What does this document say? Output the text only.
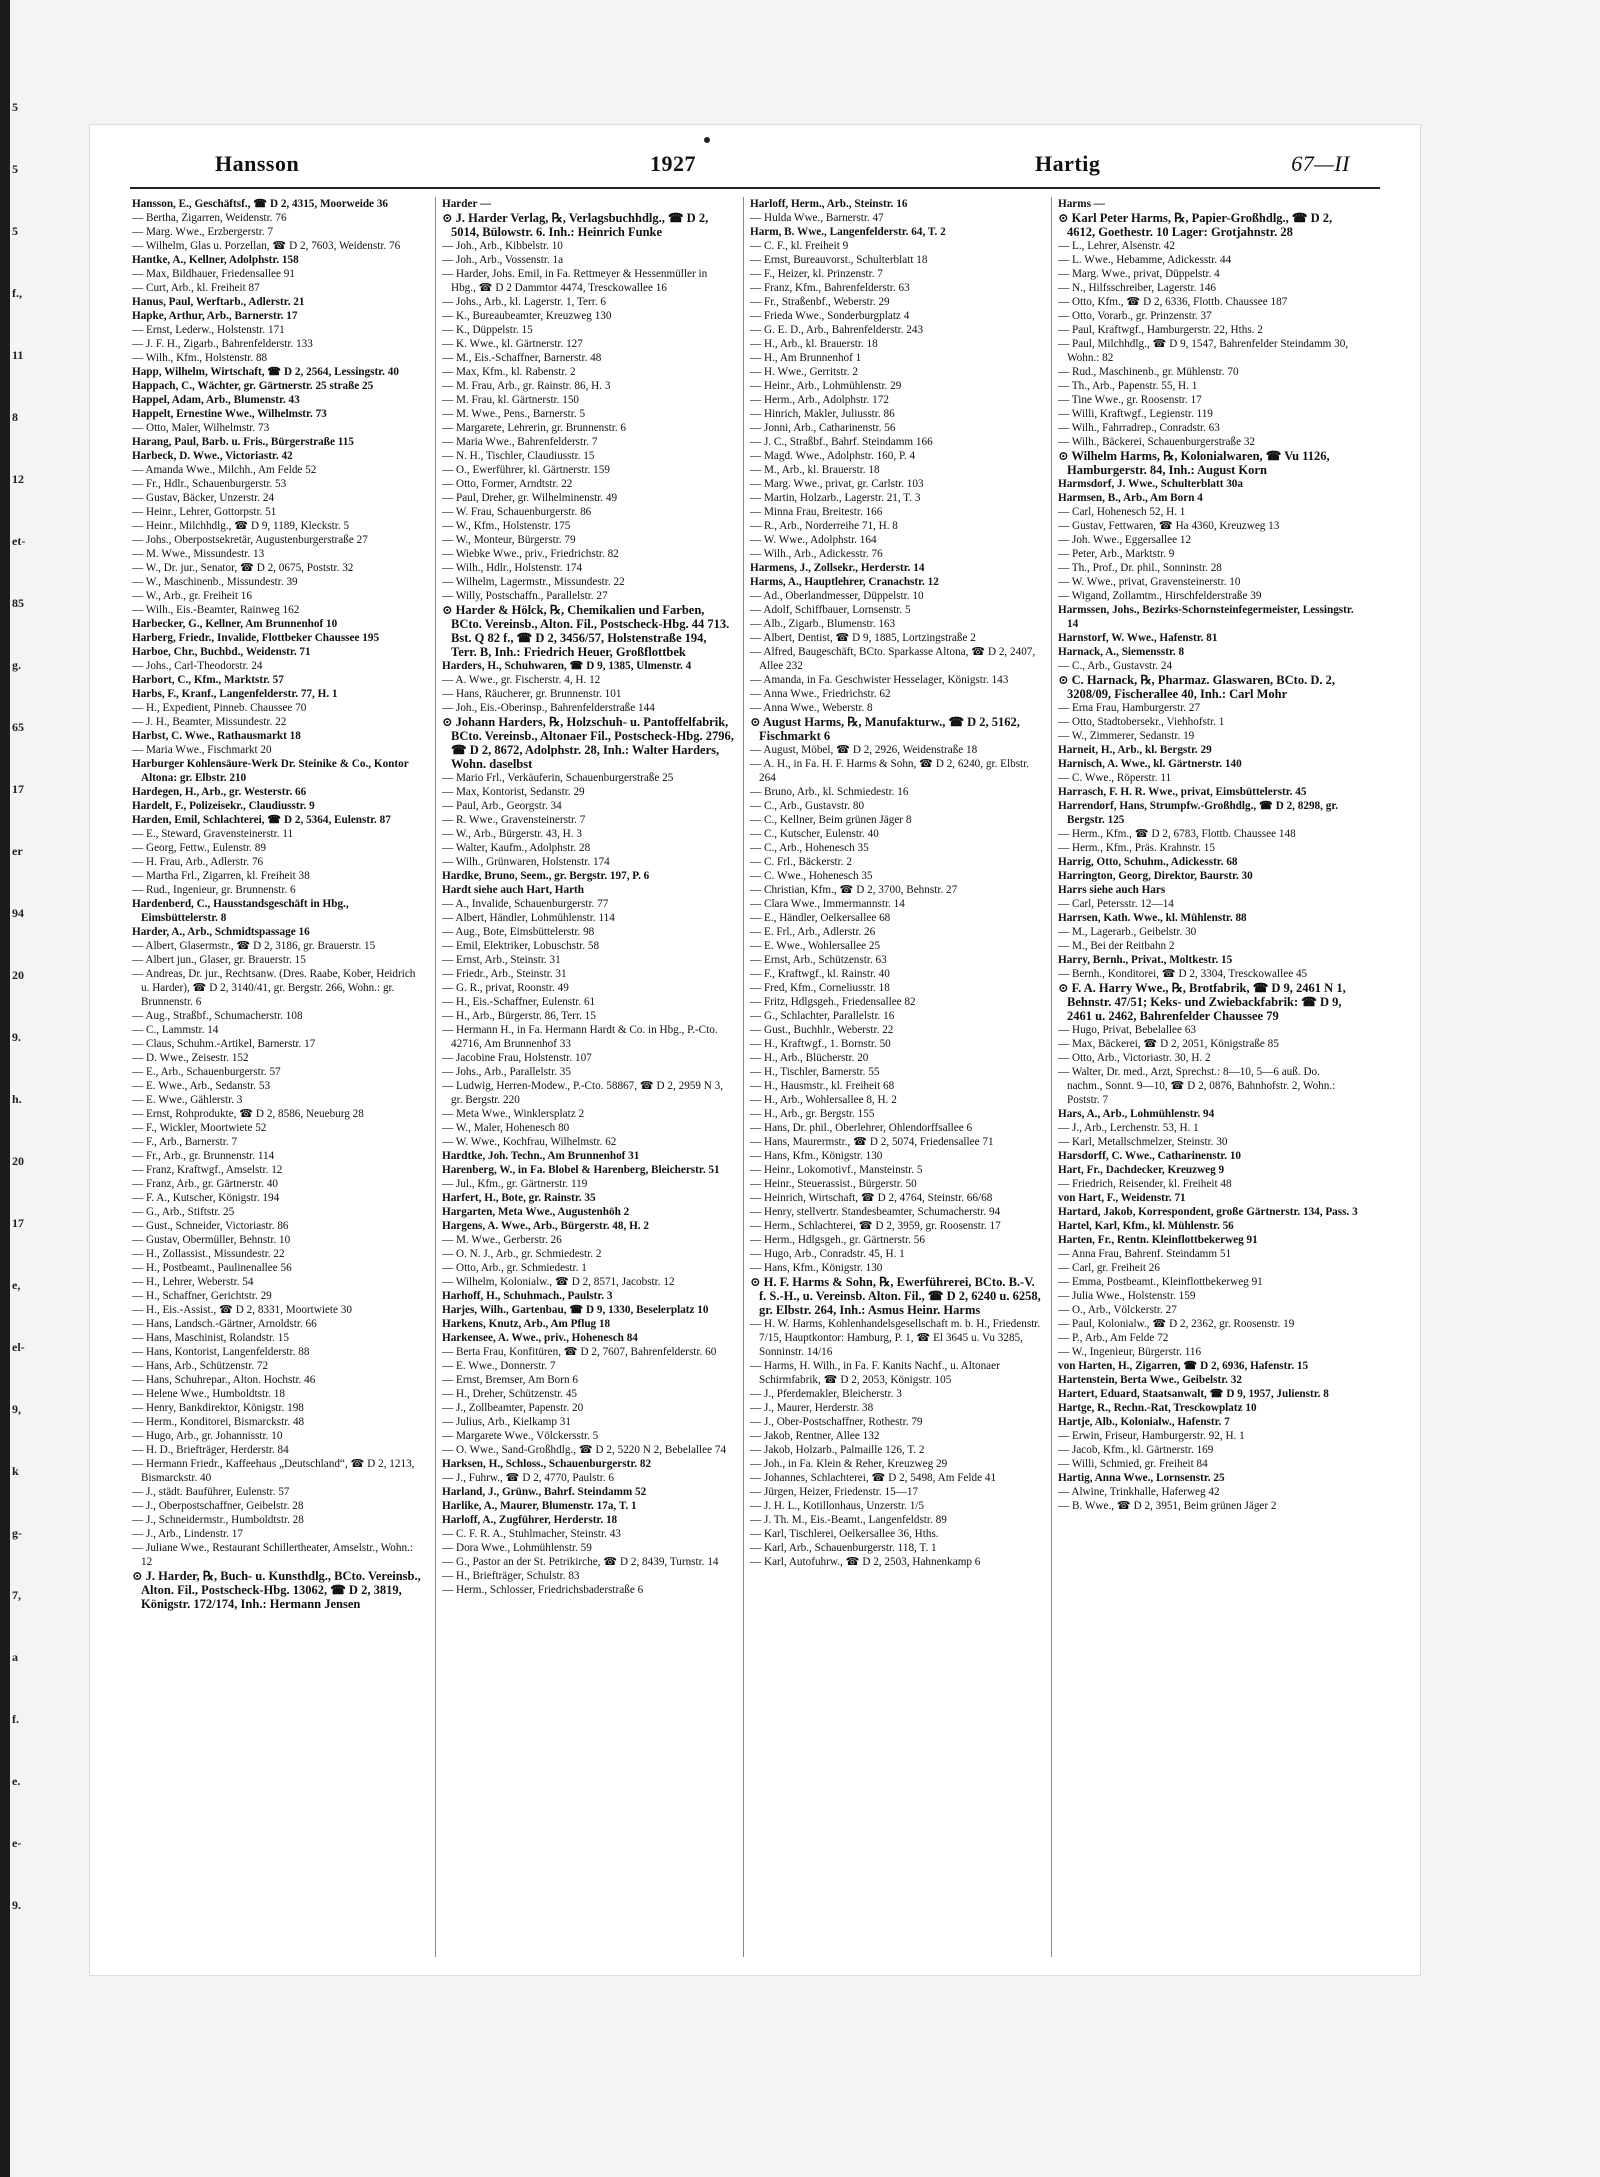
5
5
5
f.,
11
8
12
et-
85
g.
65
17
er
94
20
9.
h.
20
17
e,
el-
9,
k
g-
7,
a
f.
e.
e-
9.
Hansson	1927	Hartig	67—II

Hansson, E., Geschäftsf., ☎ D 2, 4315, Moorweide 36

— Bertha, Zigarren, Weidenstr. 76

— Marg. Wwe., Erzbergerstr. 7

— Wilhelm, Glas u. Porzellan, ☎ D 2, 7603, Weidenstr. 76

Hantke, A., Kellner, Adolphstr. 158

— Max, Bildhauer, Friedensallee 91

— Curt, Arb., kl. Freiheit 87

Hanus, Paul, Werftarb., Adlerstr. 21

Hapke, Arthur, Arb., Barnerstr. 17

— Ernst, Lederw., Holstenstr. 171

— J. F. H., Zigarb., Bahrenfelderstr. 133

— Wilh., Kfm., Holstenstr. 88

Happ, Wilhelm, Wirtschaft, ☎ D 2, 2564, Lessingstr. 40

Happach, C., Wächter, gr. Gärtnerstr. 25 straße 25

Happel, Adam, Arb., Blumenstr. 43

Happelt, Ernestine Wwe., Wilhelmstr. 73

— Otto, Maler, Wilhelmstr. 73

Harang, Paul, Barb. u. Fris., Bürgerstraße 115

Harbeck, D. Wwe., Victoriastr. 42

— Amanda Wwe., Milchh., Am Felde 52

— Fr., Hdlr., Schauenburgerstr. 53

— Gustav, Bäcker, Unzerstr. 24

— Heinr., Lehrer, Gottorpstr. 51

— Heinr., Milchhdlg., ☎ D 9, 1189, Kleckstr. 5

— Johs., Oberpostsekretär, Augustenburgerstraße 27

— M. Wwe., Missundestr. 13

— W., Dr. jur., Senator, ☎ D 2, 0675, Poststr. 32

— W., Maschinenb., Missundestr. 39

— W., Arb., gr. Freiheit 16

— Wilh., Eis.-Beamter, Rainweg 162

Harbecker, G., Kellner, Am Brunnenhof 10

Harberg, Friedr., Invalide, Flottbeker Chaussee 195

Harboe, Chr., Buchbd., Weidenstr. 71

— Johs., Carl-Theodorstr. 24

Harbort, C., Kfm., Marktstr. 57

Harbs, F., Kranf., Langenfelderstr. 77, H. 1

— H., Expedient, Pinneb. Chaussee 70

— J. H., Beamter, Missundestr. 22

Harbst, C. Wwe., Rathausmarkt 18

— Maria Wwe., Fischmarkt 20

Harburger Kohlensäure-Werk Dr. Steinike & Co., Kontor Altona: gr. Elbstr. 210

Hardegen, H., Arb., gr. Westerstr. 66

Hardelt, F., Polizeisekr., Claudiusstr. 9

Harden, Emil, Schlachterei, ☎ D 2, 5364, Eulenstr. 87

— E., Steward, Gravensteinerstr. 11

— Georg, Fettw., Eulenstr. 89

— H. Frau, Arb., Adlerstr. 76

— Martha Frl., Zigarren, kl. Freiheit 38

— Rud., Ingenieur, gr. Brunnenstr. 6

Hardenberd, C., Hausstandsgeschäft in Hbg., Eimsbüttelerstr. 8

Harder, A., Arb., Schmidtspassage 16

— Albert, Glasermstr., ☎ D 2, 3186, gr. Brauerstr. 15

— Albert jun., Glaser, gr. Brauerstr. 15

— Andreas, Dr. jur., Rechtsanw. (Dres. Raabe, Kober, Heidrich u. Harder), ☎ D 2, 3140/41, gr. Bergstr. 266, Wohn.: gr. Brunnenstr. 6

— Aug., Straßbf., Schumacherstr. 108

— C., Lammstr. 14

— Claus, Schuhm.-Artikel, Barnerstr. 17

— D. Wwe., Zeisestr. 152

— E., Arb., Schauenburgerstr. 57

— E. Wwe., Arb., Sedanstr. 53

— E. Wwe., Gählerstr. 3

— Ernst, Rohprodukte, ☎ D 2, 8586, Neueburg 28

— F., Wickler, Moortwiete 52

— F., Arb., Barnerstr. 7

— Fr., Arb., gr. Brunnenstr. 114

— Franz, Kraftwgf., Amselstr. 12

— Franz, Arb., gr. Gärtnerstr. 40

— F. A., Kutscher, Königstr. 194

— G., Arb., Stiftstr. 25

— Gust., Schneider, Victoriastr. 86

— Gustav, Obermüller, Behnstr. 10

— H., Zollassist., Missundestr. 22

— H., Postbeamt., Paulinenallee 56

— H., Lehrer, Weberstr. 54

— H., Schaffner, Gerichtstr. 29

— H., Eis.-Assist., ☎ D 2, 8331, Moortwiete 30

— Hans, Landsch.-Gärtner, Arnoldstr. 66

— Hans, Maschinist, Rolandstr. 15

— Hans, Kontorist, Langenfelderstr. 88

— Hans, Arb., Schützenstr. 72

— Hans, Schuhrepar., Alton. Hochstr. 46

— Helene Wwe., Humboldtstr. 18

— Henry, Bankdirektor, Königstr. 198

— Herm., Konditorei, Bismarckstr. 48

— Hugo, Arb., gr. Johannisstr. 10

— H. D., Briefträger, Herderstr. 84

— Hermann Friedr., Kaffeehaus „Deutschland“, ☎ D 2, 1213, Bismarckstr. 40

— J., städt. Bauführer, Eulenstr. 57

— J., Oberpostschaffner, Geibelstr. 28

— J., Schneidermstr., Humboldtstr. 28

— J., Arb., Lindenstr. 17

— Juliane Wwe., Restaurant Schillertheater, Amselstr., Wohn.: 12

⊙ J. Harder, ℞, Buch- u. Kunsthdlg., BCto. Vereinsb., Alton. Fil., Postscheck-Hbg. 13062, ☎ D 2, 3819, Königstr. 172/174, Inh.: Hermann Jensen

Harder —

⊙ J. Harder Verlag, ℞, Verlagsbuchhdlg., ☎ D 2, 5014, Bülowstr. 6. Inh.: Heinrich Funke

— Joh., Arb., Kibbelstr. 10

— Joh., Arb., Vossenstr. 1a

— Harder, Johs. Emil, in Fa. Rettmeyer & Hessenmüller in Hbg., ☎ D 2 Dammtor 4474, Tresckowallee 16

— Johs., Arb., kl. Lagerstr. 1, Terr. 6

— K., Bureaubeamter, Kreuzweg 130

— K., Düppelstr. 15

— K. Wwe., kl. Gärtnerstr. 127

— M., Eis.-Schaffner, Barnerstr. 48

— Max, Kfm., kl. Rabenstr. 2

— M. Frau, Arb., gr. Rainstr. 86, H. 3

— M. Frau, kl. Gärtnerstr. 150

— M. Wwe., Pens., Barnerstr. 5

— Margarete, Lehrerin, gr. Brunnenstr. 6

— Maria Wwe., Bahrenfelderstr. 7

— N. H., Tischler, Claudiusstr. 15

— O., Ewerführer, kl. Gärtnerstr. 159

— Otto, Former, Arndtstr. 22

— Paul, Dreher, gr. Wilhelminenstr. 49

— W. Frau, Schauenburgerstr. 86

— W., Kfm., Holstenstr. 175

— W., Monteur, Bürgerstr. 79

— Wiebke Wwe., priv., Friedrichstr. 82

— Wilh., Hdlr., Holstenstr. 174

— Wilhelm, Lagermstr., Missundestr. 22

— Willy, Postschaffn., Parallelstr. 27

⊙ Harder & Hölck, ℞, Chemikalien und Farben, BCto. Vereinsb., Alton. Fil., Postscheck-Hbg. 44 713. Bst. Q 82 f., ☎ D 2, 3456/57, Holstenstraße 194, Terr. B, Inh.: Friedrich Heuer, Großflottbek

Harders, H., Schuhwaren, ☎ D 9, 1385, Ulmenstr. 4

— A. Wwe., gr. Fischerstr. 4, H. 12

— Hans, Räucherer, gr. Brunnenstr. 101

— Joh., Eis.-Oberinsp., Bahrenfelderstraße 144

⊙ Johann Harders, ℞, Holzschuh- u. Pantoffelfabrik, BCto. Vereinsb., Altonaer Fil., Postscheck-Hbg. 2796, ☎ D 2, 8672, Adolphstr. 28, Inh.: Walter Harders, Wohn. daselbst

— Mario Frl., Verkäuferin, Schauenburgerstraße 25

— Max, Kontorist, Sedanstr. 29

— Paul, Arb., Georgstr. 34

— R. Wwe., Gravensteinerstr. 7

— W., Arb., Bürgerstr. 43, H. 3

— Walter, Kaufm., Adolphstr. 28

— Wilh., Grünwaren, Holstenstr. 174

Hardke, Bruno, Seem., gr. Bergstr. 197, P. 6

Hardt siehe auch Hart, Harth

— A., Invalide, Schauenburgerstr. 77

— Albert, Händler, Lohmühlenstr. 114

— Aug., Bote, Eimsbüttelerstr. 98

— Emil, Elektriker, Lobuschstr. 58

— Ernst, Arb., Steinstr. 31

— Friedr., Arb., Steinstr. 31

— G. R., privat, Roonstr. 49

— H., Eis.-Schaffner, Eulenstr. 61

— H., Arb., Bürgerstr. 86, Terr. 15

— Hermann H., in Fa. Hermann Hardt & Co. in Hbg., P.-Cto. 42716, Am Brunnenhof 33

— Jacobine Frau, Holstenstr. 107

— Johs., Arb., Parallelstr. 35

— Ludwig, Herren-Modew., P.-Cto. 58867, ☎ D 2, 2959 N 3, gr. Bergstr. 220

— Meta Wwe., Winklersplatz 2

— W., Maler, Hohenesch 80

— W. Wwe., Kochfrau, Wilhelmstr. 62

Hardtke, Joh. Techn., Am Brunnenhof 31

Harenberg, W., in Fa. Blobel & Harenberg, Bleicherstr. 51

— Jul., Kfm., gr. Gärtnerstr. 119

Harfert, H., Bote, gr. Rainstr. 35

Hargarten, Meta Wwe., Augustenhöh 2

Hargens, A. Wwe., Arb., Bürgerstr. 48, H. 2

— M. Wwe., Gerberstr. 26

— O. N. J., Arb., gr. Schmiedestr. 2

— Otto, Arb., gr. Schmiedestr. 1

— Wilhelm, Kolonialw., ☎ D 2, 8571, Jacobstr. 12

Harhoff, H., Schuhmach., Paulstr. 3

Harjes, Wilh., Gartenbau, ☎ D 9, 1330, Beselerplatz 10

Harkens, Knutz, Arb., Am Pflug 18

Harkensee, A. Wwe., priv., Hohenesch 84

— Berta Frau, Konfitüren, ☎ D 2, 7607, Bahrenfelderstr. 60

— E. Wwe., Donnerstr. 7

— Ernst, Bremser, Am Born 6

— H., Dreher, Schützenstr. 45

— J., Zollbeamter, Papenstr. 20

— Julius, Arb., Kielkamp 31

— Margarete Wwe., Völckersstr. 5

— O. Wwe., Sand-Großhdlg., ☎ D 2, 5220 N 2, Bebelallee 74

Harksen, H., Schloss., Schauenburgerstr. 82

— J., Fuhrw., ☎ D 2, 4770, Paulstr. 6

Harland, J., Grünw., Bahrf. Steindamm 52

Harlike, A., Maurer, Blumenstr. 17a, T. 1

Harloff, A., Zugführer, Herderstr. 18

— C. F. R. A., Stuhlmacher, Steinstr. 43

— Dora Wwe., Lohmühlenstr. 59

— G., Pastor an der St. Petrikirche, ☎ D 2, 8439, Turnstr. 14

— H., Briefträger, Schulstr. 83

— Herm., Schlosser, Friedrichsbaderstraße 6

Harloff, Herm., Arb., Steinstr. 16

— Hulda Wwe., Barnerstr. 47

Harm, B. Wwe., Langenfelderstr. 64, T. 2

— C. F., kl. Freiheit 9

— Ernst, Bureauvorst., Schulterblatt 18

— F., Heizer, kl. Prinzenstr. 7

— Franz, Kfm., Bahrenfelderstr. 63

— Fr., Straßenbf., Weberstr. 29

— Frieda Wwe., Sonderburgplatz 4

— G. E. D., Arb., Bahrenfelderstr. 243

— H., Arb., kl. Brauerstr. 18

— H., Am Brunnenhof 1

— H. Wwe., Gerritstr. 2

— Heinr., Arb., Lohmühlenstr. 29

— Herm., Arb., Adolphstr. 172

— Hinrich, Makler, Juliusstr. 86

— Jonni, Arb., Catharinenstr. 56

— J. C., Straßbf., Bahrf. Steindamm 166

— Magd. Wwe., Adolphstr. 160, P. 4

— M., Arb., kl. Brauerstr. 18

— Marg. Wwe., privat, gr. Carlstr. 103

— Martin, Holzarb., Lagerstr. 21, T. 3

— Minna Frau, Breitestr. 166

— R., Arb., Norderreihe 71, H. 8

— W. Wwe., Adolphstr. 164

— Wilh., Arb., Adickesstr. 76

Harmens, J., Zollsekr., Herderstr. 14

Harms, A., Hauptlehrer, Cranachstr. 12

— Ad., Oberlandmesser, Düppelstr. 10

— Adolf, Schiffbauer, Lornsenstr. 5

— Alb., Zigarb., Blumenstr. 163

— Albert, Dentist, ☎ D 9, 1885, Lortzingstraße 2

— Alfred, Baugeschäft, BCto. Sparkasse Altona, ☎ D 2, 2407, Allee 232

— Amanda, in Fa. Geschwister Hesselager, Königstr. 143

— Anna Wwe., Friedrichstr. 62

— Anna Wwe., Weberstr. 8

⊙ August Harms, ℞, Manufakturw., ☎ D 2, 5162, Fischmarkt 6

— August, Möbel, ☎ D 2, 2926, Weidenstraße 18

— A. H., in Fa. H. F. Harms & Sohn, ☎ D 2, 6240, gr. Elbstr. 264

— Bruno, Arb., kl. Schmiedestr. 16

— C., Arb., Gustavstr. 80

— C., Kellner, Beim grünen Jäger 8

— C., Kutscher, Eulenstr. 40

— C., Arb., Hohenesch 35

— C. Frl., Bäckerstr. 2

— C. Wwe., Hohenesch 35

— Christian, Kfm., ☎ D 2, 3700, Behnstr. 27

— Clara Wwe., Immermannstr. 14

— E., Händler, Oelkersallee 68

— E. Frl., Arb., Adlerstr. 26

— E. Wwe., Wohlersallee 25

— Ernst, Arb., Schützenstr. 63

— F., Kraftwgf., kl. Rainstr. 40

— Fred, Kfm., Corneliusstr. 18

— Fritz, Hdlgsgeh., Friedensallee 82

— G., Schlachter, Parallelstr. 16

— Gust., Buchhlr., Weberstr. 22

— H., Kraftwgf., 1. Bornstr. 50

— H., Arb., Blücherstr. 20

— H., Tischler, Barnerstr. 55

— H., Hausmstr., kl. Freiheit 68

— H., Arb., Wohlersallee 8, H. 2

— H., Arb., gr. Bergstr. 155

— Hans, Dr. phil., Oberlehrer, Ohlendorffsallee 6

— Hans, Maurermstr., ☎ D 2, 5074, Friedensallee 71

— Hans, Kfm., Königstr. 130

— Heinr., Lokomotivf., Mansteinstr. 5

— Heinr., Steuerassist., Bürgerstr. 50

— Heinrich, Wirtschaft, ☎ D 2, 4764, Steinstr. 66/68

— Henry, stellvertr. Standesbeamter, Schumacherstr. 94

— Herm., Schlachterei, ☎ D 2, 3959, gr. Roosenstr. 17

— Herm., Hdlgsgeh., gr. Gärtnerstr. 56

— Hugo, Arb., Conradstr. 45, H. 1

— Hans, Kfm., Königstr. 130

⊙ H. F. Harms & Sohn, ℞, Ewerführerei, BCto. B.-V. f. S.-H., u. Vereinsb. Alton. Fil., ☎ D 2, 6240 u. 6258, gr. Elbstr. 264, Inh.: Asmus Heinr. Harms

— H. W. Harms, Kohlenhandelsgesellschaft m. b. H., Friedenstr. 7/15, Hauptkontor: Hamburg, P. 1, ☎ El 3645 u. Vu 3285, Sonninstr. 14/16

— Harms, H. Wilh., in Fa. F. Kanits Nachf., u. Altonaer Schirmfabrik, ☎ D 2, 2053, Königstr. 105

— J., Pferdemakler, Bleicherstr. 3

— J., Maurer, Herderstr. 38

— J., Ober-Postschaffner, Rothestr. 79

— Jakob, Rentner, Allee 132

— Jakob, Holzarb., Palmaille 126, T. 2

— Joh., in Fa. Klein & Reher, Kreuzweg 29

— Johannes, Schlachterei, ☎ D 2, 5498, Am Felde 41

— Jürgen, Heizer, Friedenstr. 15—17

— J. H. L., Kotillonhaus, Unzerstr. 1/5

— J. Th. M., Eis.-Beamt., Langenfeldstr. 89

— Karl, Tischlerei, Oelkersallee 36, Hths.

— Karl, Arb., Schauenburgerstr. 118, T. 1

— Karl, Autofuhrw., ☎ D 2, 2503, Hahnenkamp 6

Harms —

⊙ Karl Peter Harms, ℞, Papier-Großhdlg., ☎ D 2, 4612, Goethestr. 10 Lager: Grotjahnstr. 28

— L., Lehrer, Alsenstr. 42

— L. Wwe., Hebamme, Adickesstr. 44

— Marg. Wwe., privat, Düppelstr. 4

— N., Hilfsschreiber, Lagerstr. 146

— Otto, Kfm., ☎ D 2, 6336, Flottb. Chaussee 187

— Otto, Vorarb., gr. Prinzenstr. 37

— Paul, Kraftwgf., Hamburgerstr. 22, Hths. 2

— Paul, Milchhdlg., ☎ D 9, 1547, Bahrenfelder Steindamm 30, Wohn.: 82

— Rud., Maschinenb., gr. Mühlenstr. 70

— Th., Arb., Papenstr. 55, H. 1

— Tine Wwe., gr. Roosenstr. 17

— Willi, Kraftwgf., Legienstr. 119

— Wilh., Fahrradrep., Conradstr. 63

— Wilh., Bäckerei, Schauenburgerstraße 32

⊙ Wilhelm Harms, ℞, Kolonialwaren, ☎ Vu 1126, Hamburgerstr. 84, Inh.: August Korn

Harmsdorf, J. Wwe., Schulterblatt 30a

Harmsen, B., Arb., Am Born 4

— Carl, Hohenesch 52, H. 1

— Gustav, Fettwaren, ☎ Ha 4360, Kreuzweg 13

— Joh. Wwe., Eggersallee 12

— Peter, Arb., Marktstr. 9

— Th., Prof., Dr. phil., Sonninstr. 28

— W. Wwe., privat, Gravensteinerstr. 10

— Wigand, Zollamtm., Hirschfelderstraße 39

Harmssen, Johs., Bezirks-Schornsteinfegermeister, Lessingstr. 14

Harnstorf, W. Wwe., Hafenstr. 81

Harnack, A., Siemensstr. 8

— C., Arb., Gustavstr. 24

⊙ C. Harnack, ℞, Pharmaz. Glaswaren, BCto. D. 2, 3208/09, Fischerallee 40, Inh.: Carl Mohr

— Erna Frau, Hamburgerstr. 27

— Otto, Stadtobersekr., Viehhofstr. 1

— W., Zimmerer, Sedanstr. 19

Harneit, H., Arb., kl. Bergstr. 29

Harnisch, A. Wwe., kl. Gärtnerstr. 140

— C. Wwe., Röperstr. 11

Harrasch, F. H. R. Wwe., privat, Eimsbüttelerstr. 45

Harrendorf, Hans, Strumpfw.-Großhdlg., ☎ D 2, 8298, gr. Bergstr. 125

— Herm., Kfm., ☎ D 2, 6783, Flottb. Chaussee 148

— Herm., Kfm., Präs. Krahnstr. 15

Harrig, Otto, Schuhm., Adickesstr. 68

Harrington, Georg, Direktor, Baurstr. 30

Harrs siehe auch Hars

— Carl, Petersstr. 12—14

Harrsen, Kath. Wwe., kl. Mühlenstr. 88

— M., Lagerarb., Geibelstr. 30

— M., Bei der Reitbahn 2

Harry, Bernh., Privat., Moltkestr. 15

— Bernh., Konditorei, ☎ D 2, 3304, Tresckowallee 45

⊙ F. A. Harry Wwe., ℞, Brotfabrik, ☎ D 9, 2461 N 1, Behnstr. 47/51; Keks- und Zwiebackfabrik: ☎ D 9, 2461 u. 2462, Bahrenfelder Chaussee 79

— Hugo, Privat, Bebelallee 63

— Max, Bäckerei, ☎ D 2, 2051, Königstraße 85

— Otto, Arb., Victoriastr. 30, H. 2

— Walter, Dr. med., Arzt, Sprechst.: 8—10, 5—6 auß. Do. nachm., Sonnt. 9—10, ☎ D 2, 0876, Bahnhofstr. 2, Wohn.: Poststr. 7

Hars, A., Arb., Lohmühlenstr. 94

— J., Arb., Lerchenstr. 53, H. 1

— Karl, Metallschmelzer, Steinstr. 30

Harsdorff, C. Wwe., Catharinenstr. 10

Hart, Fr., Dachdecker, Kreuzweg 9

— Friedrich, Reisender, kl. Freiheit 48

von Hart, F., Weidenstr. 71

Hartard, Jakob, Korrespondent, große Gärtnerstr. 134, Pass. 3

Hartel, Karl, Kfm., kl. Mühlenstr. 56

Harten, Fr., Rentn. Kleinflottbekerweg 91

— Anna Frau, Bahrenf. Steindamm 51

— Carl, gr. Freiheit 26

— Emma, Postbeamt., Kleinflottbekerweg 91

— Julia Wwe., Holstenstr. 159

— O., Arb., Völckerstr. 27

— Paul, Kolonialw., ☎ D 2, 2362, gr. Roosenstr. 19

— P., Arb., Am Felde 72

— W., Ingenieur, Bürgerstr. 116

von Harten, H., Zigarren, ☎ D 2, 6936, Hafenstr. 15

Hartenstein, Berta Wwe., Geibelstr. 32

Hartert, Eduard, Staatsanwalt, ☎ D 9, 1957, Julienstr. 8

Hartge, R., Rechn.-Rat, Tresckowplatz 10

Hartje, Alb., Kolonialw., Hafenstr. 7

— Erwin, Friseur, Hamburgerstr. 92, H. 1

— Jacob, Kfm., kl. Gärtnerstr. 169

— Willi, Schmied, gr. Freiheit 84

Hartig, Anna Wwe., Lornsenstr. 25

— Alwine, Trinkhalle, Haferweg 42

— B. Wwe., ☎ D 2, 3951, Beim grünen Jäger 2
